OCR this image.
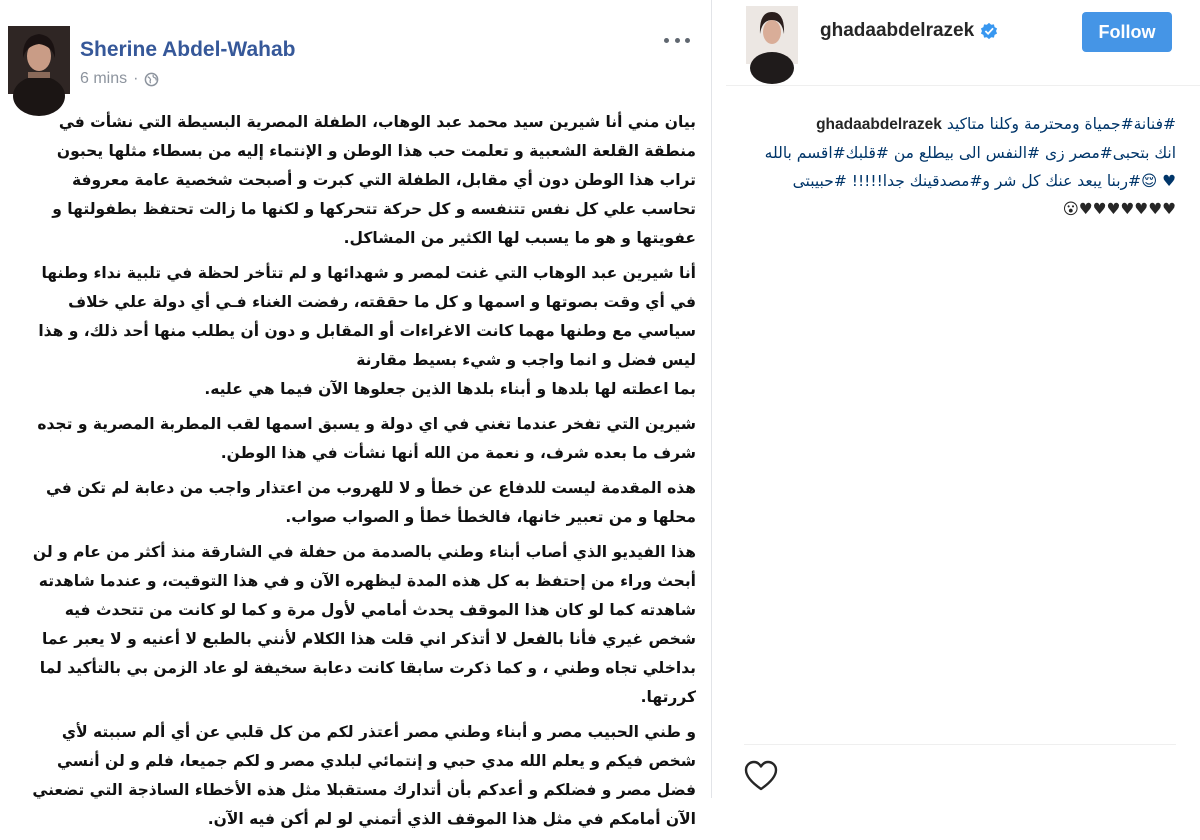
Sherine Abdel-Wahab
6 mins ·

بيان مني أنا شيرين سيد محمد عبد الوهاب، الطفلة المصرية البسيطة التي نشأت في منطقة القلعة الشعبية و تعلمت حب هذا الوطن و الإنتماء إليه من بسطاء مثلها يحبون تراب هذا الوطن دون أي مقابل، الطفلة التي كبرت و أصبحت شخصية عامة معروفة تحاسب علي كل نفس تتنفسه و كل حركة تتحركها و لكنها ما زالت تحتفظ بطفولتها و عفويتها و هو ما يسبب لها الكثير من المشاكل.

أنا شيرين عبد الوهاب التي غنت لمصر و شهدائها و لم تتأخر لحظة في تلبية نداء وطنها في أي وقت بصوتها و اسمها و كل ما حققته، رفضت الغناء فـي أي دولة علي خلاف سياسي مع وطنها مهما كانت الاغراءات أو المقابل و دون أن يطلب منها أحد ذلك، و هذا ليس فضل و انما واجب و شيء بسيط مقارنة

بما اعطته لها بلدها و أبناء بلدها الذين جعلوها الآن فيما هي عليه.

شيرين التي تفخر عندما تغني في اي دولة و يسبق اسمها لقب المطربة المصرية و تجده شرف ما بعده شرف، و نعمة من الله أنها نشأت في هذا الوطن.

هذه المقدمة ليست للدفاع عن خطأ و لا للهروب من اعتذار واجب من دعابة لم تكن في محلها و من تعبير خانها، فالخطأ خطأ و الصواب صواب.

هذا الفيديو الذي أصاب أبناء وطني بالصدمة من حفلة في الشارقة منذ أكثر من عام و لن أبحث وراء من إحتفظ به كل هذه المدة ليظهره الآن و في هذا التوقيت، و عندما شاهدته شاهدته كما لو كان هذا الموقف يحدث أمامي لأول مرة و كما لو كانت من تتحدث فيه شخص غيري فأنا بالفعل لا أتذكر اني قلت هذا الكلام لأنني بالطبع لا أعنيه و لا يعبر عما بداخلي تجاه وطني ، و كما ذكرت سابقا كانت دعابة سخيفة لو عاد الزمن بي بالتأكيد لما كررتها.

و طني الحبيب مصر و أبناء وطني مصر أعتذر لكم من كل قلبي عن أي ألم سببته لأي شخص فيكم و يعلم الله مدي حبي و إنتمائي لبلدي مصر و لكم جميعا، فلم و لن أنسي فضل مصر و فضلكم و أعدكم بأن أتدارك مستقبلا مثل هذه الأخطاء الساذجة التي تضعني الآن أمامكم في مثل هذا الموقف الذي أتمني لو لم أكن فيه الآن.

ghadaabdelrazek	Follow
#فنانة#جمياة ومحترمة وكلنا متاكيد ghadaabdelrazek
انك بتحبى#مصر زى #النفس الى بيطلع من #قلبك#اقسم بالله
♥ 😌#ربنا يبعد عنك كل شر و#مصدقينك جدا!!!!! #حبيبتى
♥♥♥♥♥♥♥😮
